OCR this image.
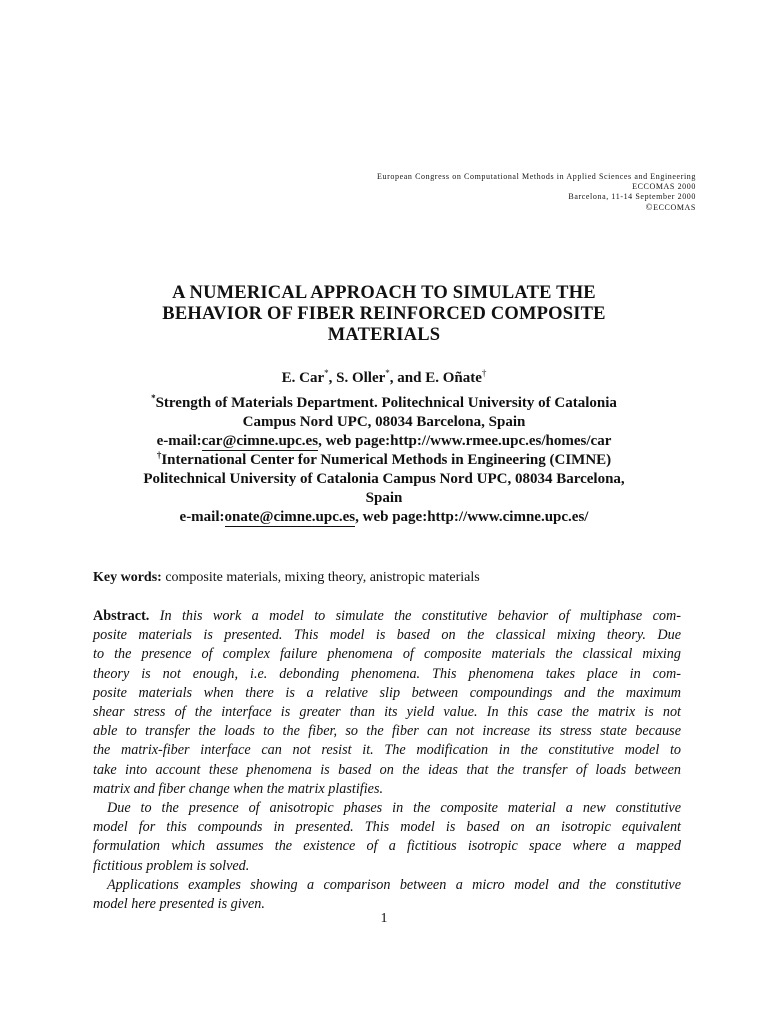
European Congress on Computational Methods in Applied Sciences and Engineering
ECCOMAS 2000
Barcelona, 11-14 September 2000
©ECCOMAS
A NUMERICAL APPROACH TO SIMULATE THE
BEHAVIOR OF FIBER REINFORCED COMPOSITE
MATERIALS
E. Car*, S. Oller*, and E. Oñate†
*Strength of Materials Department. Politechnical University of Catalonia
Campus Nord UPC, 08034 Barcelona, Spain
e-mail:car@cimne.upc.es, web page:http://www.rmee.upc.es/homes/car
†International Center for Numerical Methods in Engineering (CIMNE)
Politechnical University of Catalonia Campus Nord UPC, 08034 Barcelona,
Spain
e-mail:onate@cimne.upc.es, web page:http://www.cimne.upc.es/
Key words: composite materials, mixing theory, anistropic materials
Abstract. In this work a model to simulate the constitutive behavior of multiphase com-
posite materials is presented. This model is based on the classical mixing theory. Due
to the presence of complex failure phenomena of composite materials the classical mixing
theory is not enough, i.e. debonding phenomena. This phenomena takes place in com-
posite materials when there is a relative slip between compoundings and the maximum
shear stress of the interface is greater than its yield value. In this case the matrix is not
able to transfer the loads to the fiber, so the fiber can not increase its stress state because
the matrix-fiber interface can not resist it. The modification in the constitutive model to
take into account these phenomena is based on the ideas that the transfer of loads between
matrix and fiber change when the matrix plastifies.
Due to the presence of anisotropic phases in the composite material a new constitutive
model for this compounds in presented. This model is based on an isotropic equivalent
formulation which assumes the existence of a fictitious isotropic space where a mapped
fictitious problem is solved.
Applications examples showing a comparison between a micro model and the constitutive
model here presented is given.
1
